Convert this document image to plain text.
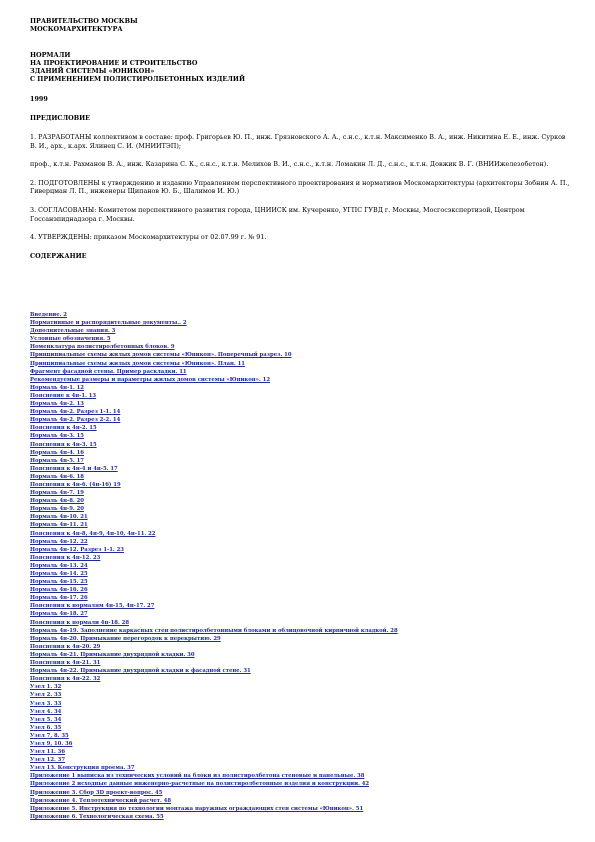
ПРАВИТЕЛЬСТВО МОСКВЫ
МОСКОМАРХИТЕКТУРА
НОРМАЛИ
НА ПРОЕКТИРОВАНИЕ И СТРОИТЕЛЬСТВО
ЗДАНИЙ СИСТЕМЫ «ЮНИКОН»
С ПРИМЕНЕНИЕМ ПОЛИСТИРОЛБЕТОННЫХ ИЗДЕЛИЙ
1999
ПРЕДИСЛОВИЕ
1. РАЗРАБОТАНЫ коллективом в составе: проф. Григорьев Ю. П., инж. Грязновского А. А., с.н.с., к.т.н. Максименко В. А., инж. Никитина Е. Е., инж. Сурков В. И., арх., к.арх. Ялинец С. И. (МНИИТЭП);
проф., к.т.н. Рахманов В. А., инж. Казарина С. К., с.н.с., к.т.н. Мелихов В. И., с.н.с., к.т.н. Ломакин Л. Д., с.н.с., к.т.н. Довжик В. Г. (ВНИИжелезобетон).
2. ПОДГОТОВЛЕНЫ к утверждению и изданию Управлением перспективного проектирования и нормативов Москомархитектуры (архитекторы Зобнин А. П., Гиверцман Л. П., инженеры Щипанов Ю. Б., Шалимов И. Ю.)
3. СОГЛАСОВАНЫ: Комитетом перспективного развития города, ЦНИИСК им. Кучеренко, УГПС ГУВД г. Москвы, Мосгосэкспертизой, Центром Госсанэпиднадзора г. Москвы.
4. УТВЕРЖДЕНЫ: приказом Москомархитектуры от 02.07.99 г. № 91.
СОДЕРЖАНИЕ
Введение. 2
Нормативные и распорядительные документы.. 2
Дополнительные знания. 3
Условные обозначения. 5
Номенклатура полистиролбетонных блоков. 9
Принципиальные схемы жилых домов системы «Юникон». Поперечный разрез. 10
Принципиальные схемы жилых домов системы «Юникон». План. 11
Фрагмент фасадной стены. Пример раскладки. 11
Рекомендуемые размеры и параметры жилых домов системы «Юникон». 12
Нормаль 4н-1. 12
Пояснение к 4н-1. 13
Нормаль 4н-2. 13
Нормаль 4н-2. Разрез 1-1. 14
Нормаль 4н-2. Разрез 2-2. 14
Пояснения к 4н-2. 15
Нормаль 4н-3. 15
Пояснения к 4н-3. 15
Нормаль 4н-4. 16
Нормаль 4н-5. 17
Пояснения к 4н-4 и 4н-5. 17
Нормаль 4н-6. 18
Пояснения к 4н-6. (4н-16) 19
Нормаль 4н-7. 19
Нормаль 4н-8. 20
Нормаль 4н-9. 20
Нормаль 4н-10. 21
Нормаль 4н-11. 21
Пояснения к 4н-8, 4н-9, 4н-10, 4н-11. 22
Нормаль 4н-12. 22
Нормаль 4н-12. Разрез 1-1. 23
Пояснения к 4н-12. 23
Нормаль 4н-13. 24
Нормаль 4н-14. 25
Нормаль 4н-15. 25
Нормаль 4н-16. 26
Нормаль 4н-17. 26
Пояснения к нормалям 4н-15, 4н-17. 27
Нормаль 4н-18. 27
Пояснения к нормали 4н-18. 28
Нормаль 4н-19. Заполнение каркасных стен полистиролбетонными блоками и облицовочной кирпичной кладкой. 28
Нормаль 4н-20. Примыкание перегородок к перекрытию. 29
Пояснения к 4н-20. 29
Нормаль 4н-21. Примыкание двухрядной кладки. 30
Пояснения к 4н-21. 31
Нормаль 4н-22. Примыкание двухрядной кладки к фасадной стене. 31
Пояснения к 4н-22. 32
Узел 1. 32
Узел 2. 33
Узел 3. 33
Узел 4. 34
Узел 5. 34
Узел 6. 35
Узел 7, 8. 35
Узел 9, 10. 36
Узел 11. 36
Узел 12. 37
Узел 13. Конструкция проема. 37
Приложение 1 выписка из технических условий на блоки из полистиролбетона стеновые и панельные. 38
Приложение 2 исходные данные инженерно-расчетные на полистиролбетонные изделия и конструкции. 42
Приложение 3. Сбор 3D проект-вопрос. 45
Приложение 4. Теплотехнический расчет. 48
Приложение 5. Инструкция по технологии монтажа наружных ограждающих стен системы «Юникон». 51
Приложение 6. Технологическая схема. 55
